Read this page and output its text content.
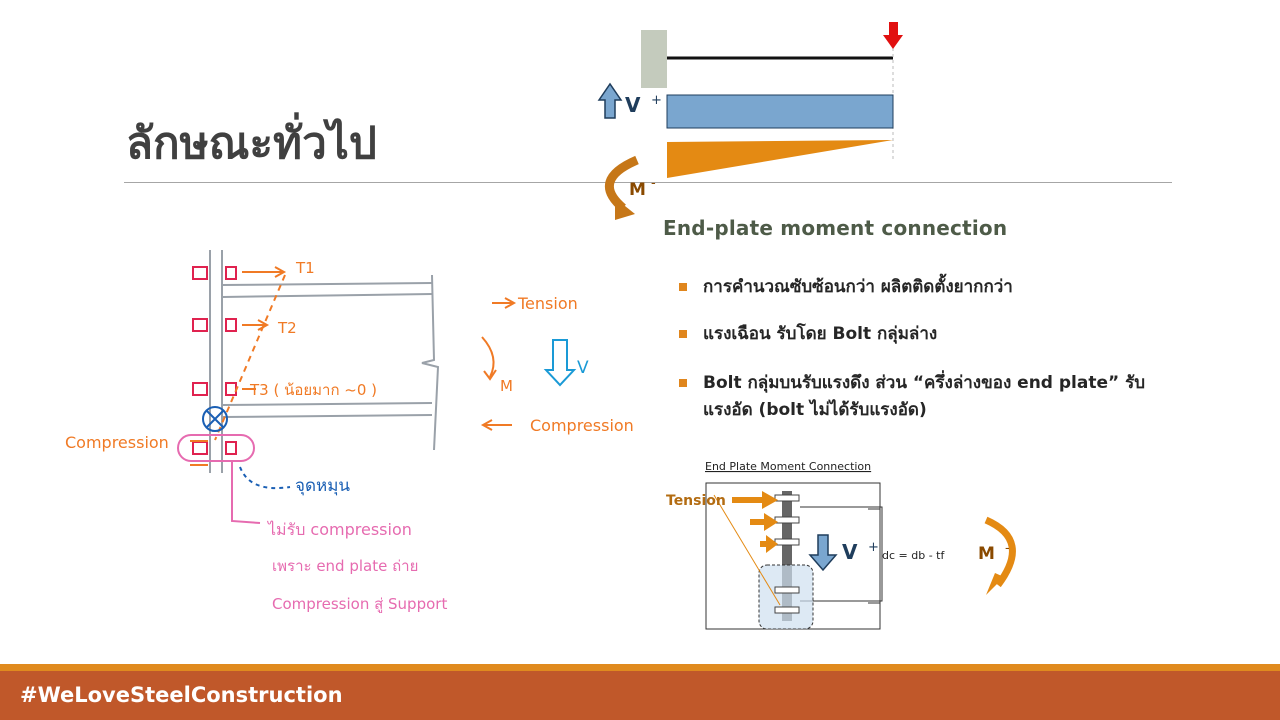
ลักษณะทั่วไป
V +
M -
End-plate moment connection
การคำนวณซับซ้อนกว่า ผลิตติดตั้งยากกว่า
แรงเฉือน รับโดย Bolt กลุ่มล่าง
Bolt กลุ่มบนรับแรงดึง ส่วน “ครึ่งล่างของ end plate” รับแรงอัด (bolt ไม่ได้รับแรงอัด)
T1
T2
T3 ( น้อยมาก ~0 )
Tension
M
Compression
Compression
V
จุดหมุน
ไม่รับ compression
เพราะ end plate ถ่าย
Compression สู่ Support
End Plate Moment Connection
Tension
V +
dc = db - tf M -
#WeLoveSteelConstruction
